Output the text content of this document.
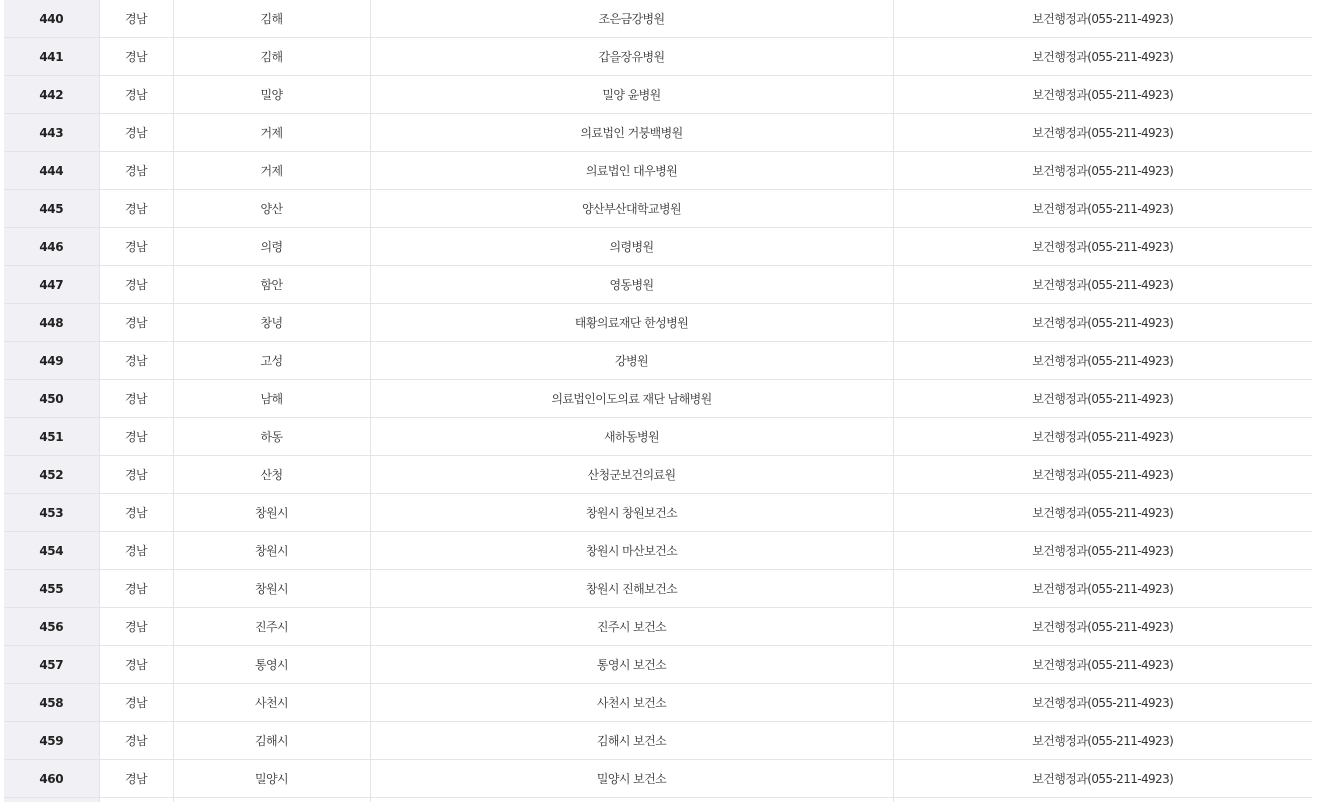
440	경남	김해	조은금강병원	보건행정과(055-211-4923)
441	경남	김해	갑을장유병원	보건행정과(055-211-4923)
442	경남	밀양	밀양 윤병원	보건행정과(055-211-4923)
443	경남	거제	의료법인 거붕백병원	보건행정과(055-211-4923)
444	경남	거제	의료법인 대우병원	보건행정과(055-211-4923)
445	경남	양산	양산부산대학교병원	보건행정과(055-211-4923)
446	경남	의령	의령병원	보건행정과(055-211-4923)
447	경남	함안	영동병원	보건행정과(055-211-4923)
448	경남	창녕	태황의료재단 한성병원	보건행정과(055-211-4923)
449	경남	고성	강병원	보건행정과(055-211-4923)
450	경남	남해	의료법인이도의료 재단 남해병원	보건행정과(055-211-4923)
451	경남	하동	새하동병원	보건행정과(055-211-4923)
452	경남	산청	산청군보건의료원	보건행정과(055-211-4923)
453	경남	창원시	창원시 창원보건소	보건행정과(055-211-4923)
454	경남	창원시	창원시 마산보건소	보건행정과(055-211-4923)
455	경남	창원시	창원시 진해보건소	보건행정과(055-211-4923)
456	경남	진주시	진주시 보건소	보건행정과(055-211-4923)
457	경남	통영시	통영시 보건소	보건행정과(055-211-4923)
458	경남	사천시	사천시 보건소	보건행정과(055-211-4923)
459	경남	김해시	김해시 보건소	보건행정과(055-211-4923)
460	경남	밀양시	밀양시 보건소	보건행정과(055-211-4923)
